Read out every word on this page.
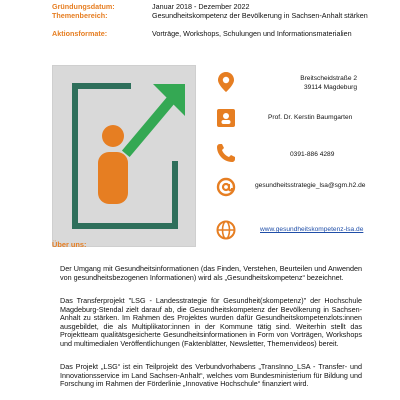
Gründungsdatum:	Januar 2018 - Dezember 2022
Themenbereich:	Gesundheitskompetenz der Bevölkerung in Sachsen-Anhalt stärken
Aktionsformate:	Vorträge, Workshops, Schulungen und Informationsmaterialien
Breitscheidstraße 2
39114 Magdeburg
Prof. Dr. Kerstin Baumgarten
0391-886 4289
gesundheitsstrategie_lsa@sgm.h2.de
www.gesundheitskompetenz-lsa.de
Über uns:
Der Umgang mit Gesundheitsinformationen (das Finden, Verstehen, Beurteilen und Anwenden von gesundheitsbezogenen Informationen) wird als „Gesundheitskompetenz“ bezeichnet.
Das Transferprojekt "LSG - Landesstrategie für Gesundheit(skompetenz)" der Hochschule Magdeburg-Stendal zielt darauf ab, die Gesundheitskompetenz der Bevölkerung in Sachsen-Anhalt zu stärken. Im Rahmen des Projektes wurden dafür Gesundheitskompetenzlots:innen ausgebildet, die als Multiplikator:innen in der Kommune tätig sind. Weiterhin stellt das Projektteam qualitätsgesicherte Gesundheitsinformationen in Form von Vorträgen, Workshops und multimedialen Veröffentlichungen (Faktenblätter, Newsletter, Themenvideos) bereit.
Das Projekt „LSG“ ist ein Teilprojekt des Verbundvorhabens „TransInno_LSA - Transfer- und Innovationsservice im Land Sachsen-Anhalt“, welches vom Bundesministerium für Bildung und Forschung im Rahmen der Förderlinie „Innovative Hochschule“ finanziert wird.
